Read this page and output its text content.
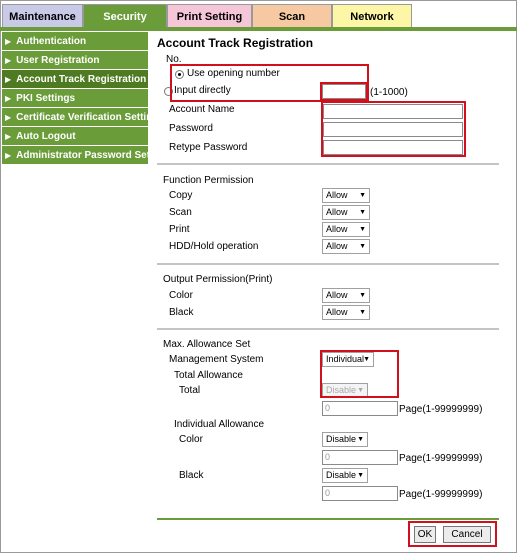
Maintenance	Security	Print Setting	Scan	Network
▶ Authentication
▶ User Registration
▶ Account Track Registration
▶ PKI Settings
▶ Certificate Verification Settings
▶ Auto Logout
▶ Administrator Password Setting
Account Track Registration
No.
Use opening number
Input directly	(1-1000)
Account Name
Password
Retype Password
Function Permission
Copy	Allow ▼
Scan	Allow ▼
Print	Allow ▼
HDD/Hold operation	Allow ▼
Output Permission(Print)
Color	Allow ▼
Black	Allow ▼
Max. Allowance Set
Management System	Individual ▼
Total Allowance
Total	Disable ▼
0	Page(1-99999999)
Individual Allowance
Color	Disable ▼
0	Page(1-99999999)
Black	Disable ▼
0	Page(1-99999999)
OK	Cancel
